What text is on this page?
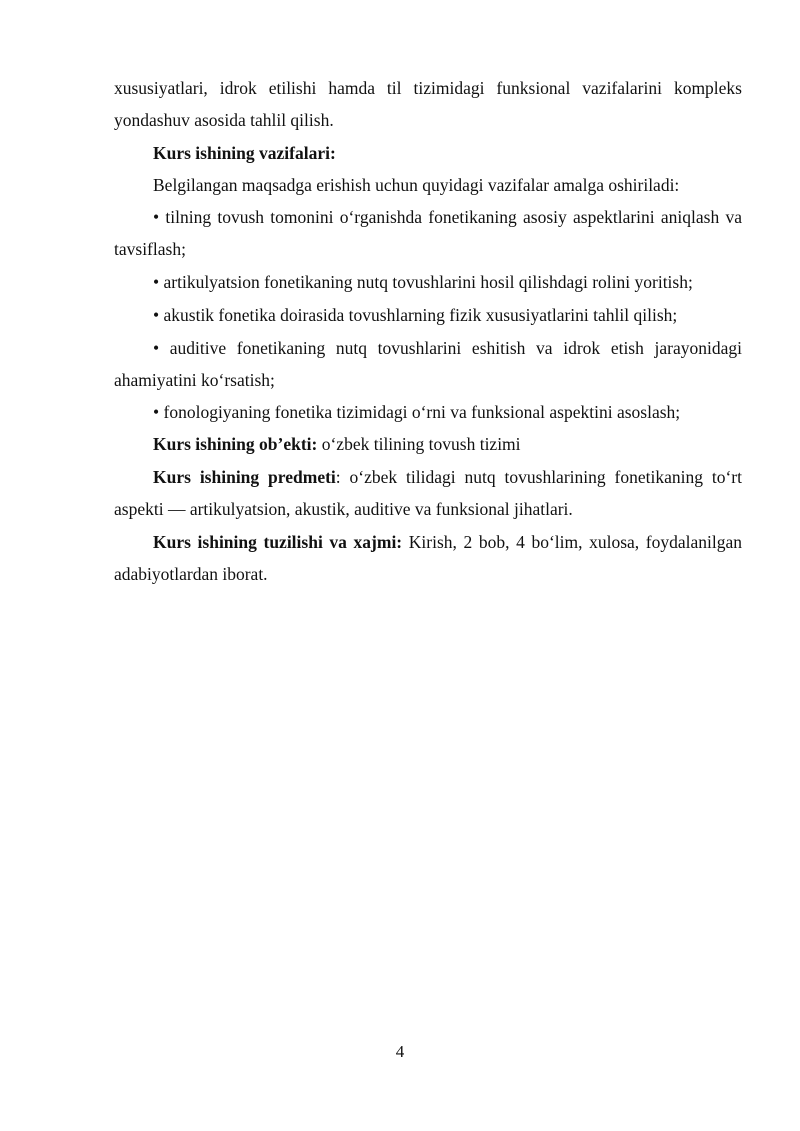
xususiyatlari, idrok etilishi hamda til tizimidagi funksional vazifalarini kompleks yondashuv asosida tahlil qilish.

Kurs ishining vazifalari:

Belgilangan maqsadga erishish uchun quyidagi vazifalar amalga oshiriladi:

• tilning tovush tomonini o‘rganishda fonetikaning asosiy aspektlarini aniqlash va tavsiflash;

• artikulyatsion fonetikaning nutq tovushlarini hosil qilishdagi rolini yoritish;

• akustik fonetika doirasida tovushlarning fizik xususiyatlarini tahlil qilish;

• auditive fonetikaning nutq tovushlarini eshitish va idrok etish jarayonidagi ahamiyatini ko‘rsatish;

• fonologiyaning fonetika tizimidagi o‘rni va funksional aspektini asoslash;

Kurs ishining ob’ekti: o‘zbek tilining tovush tizimi

Kurs ishining predmeti: o‘zbek tilidagi nutq tovushlarining fonetikaning to‘rt aspekti — artikulyatsion, akustik, auditive va funksional jihatlari.

Kurs ishining tuzilishi va xajmi: Kirish, 2 bob, 4 bo‘lim, xulosa, foydalanilgan adabiyotlardan iborat.

4
